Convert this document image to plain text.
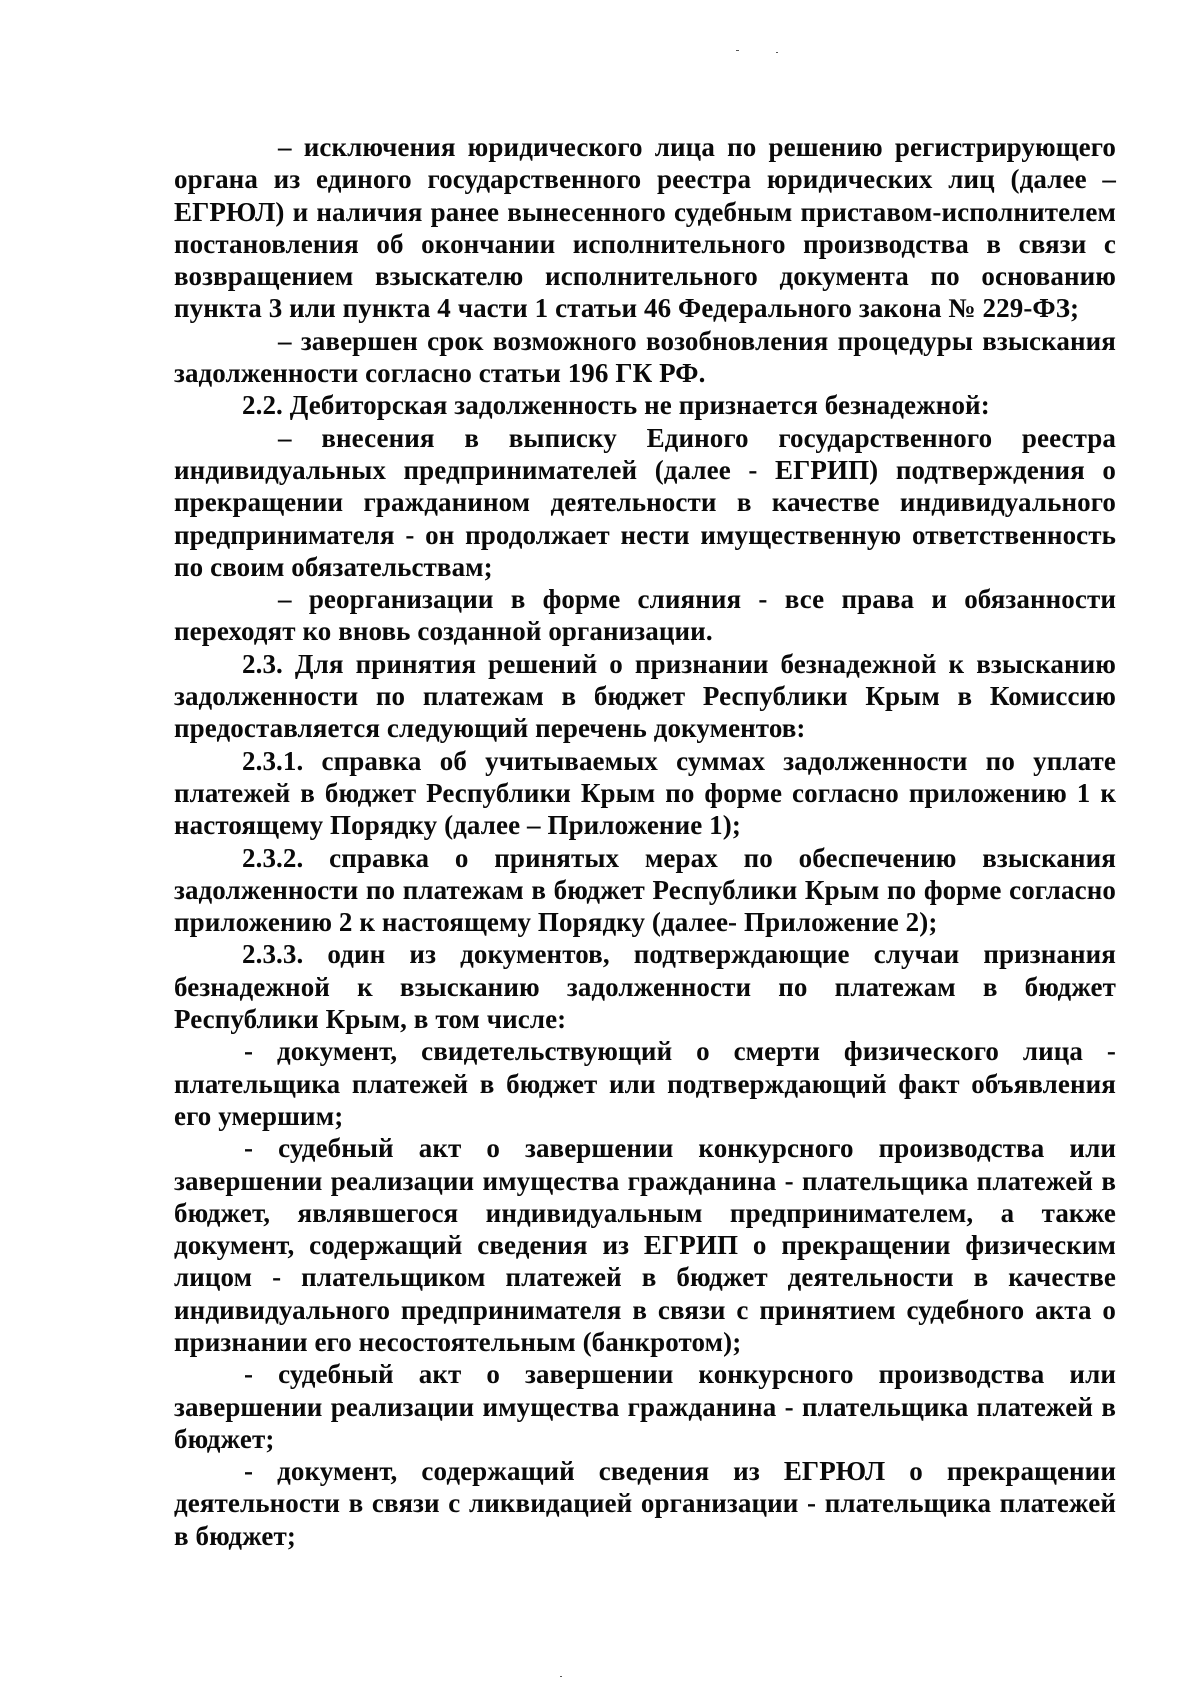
– исключения юридического лица по решению регистрирующего органа из единого государственного реестра юридических лиц (далее – ЕГРЮЛ) и наличия ранее вынесенного судебным приставом-исполнителем постановления об окончании исполнительного производства в связи с возвращением взыскателю исполнительного документа по основанию пункта 3 или пункта 4 части 1 статьи 46 Федерального закона № 229-ФЗ;

– завершен срок возможного возобновления процедуры взыскания задолженности согласно статьи 196 ГК РФ.

2.2. Дебиторская задолженность не признается безнадежной:

– внесения в выписку Единого государственного реестра индивидуальных предпринимателей (далее - ЕГРИП) подтверждения о прекращении гражданином деятельности в качестве индивидуального предпринимателя - он продолжает нести имущественную ответственность по своим обязательствам;

– реорганизации в форме слияния - все права и обязанности переходят ко вновь созданной организации.

2.3. Для принятия решений о признании безнадежной к взысканию задолженности по платежам в бюджет Республики Крым в Комиссию предоставляется следующий перечень документов:

2.3.1. справка об учитываемых суммах задолженности по уплате платежей в бюджет Республики Крым по форме согласно приложению 1 к настоящему Порядку (далее – Приложение 1);

2.3.2. справка о принятых мерах по обеспечению взыскания задолженности по платежам в бюджет Республики Крым по форме согласно приложению 2 к настоящему Порядку (далее- Приложение 2);

2.3.3. один из документов, подтверждающие случаи признания безнадежной к взысканию задолженности по платежам в бюджет Республики Крым, в том числе:

- документ, свидетельствующий о смерти физического лица - плательщика платежей в бюджет или подтверждающий факт объявления его умершим;

- судебный акт о завершении конкурсного производства или завершении реализации имущества гражданина - плательщика платежей в бюджет, являвшегося индивидуальным предпринимателем, а также документ, содержащий сведения из ЕГРИП о прекращении физическим лицом - плательщиком платежей в бюджет деятельности в качестве индивидуального предпринимателя в связи с принятием судебного акта о признании его несостоятельным (банкротом);

- судебный акт о завершении конкурсного производства или завершении реализации имущества гражданина - плательщика платежей в бюджет;

- документ, содержащий сведения из ЕГРЮЛ о прекращении деятельности в связи с ликвидацией организации - плательщика платежей в бюджет;
